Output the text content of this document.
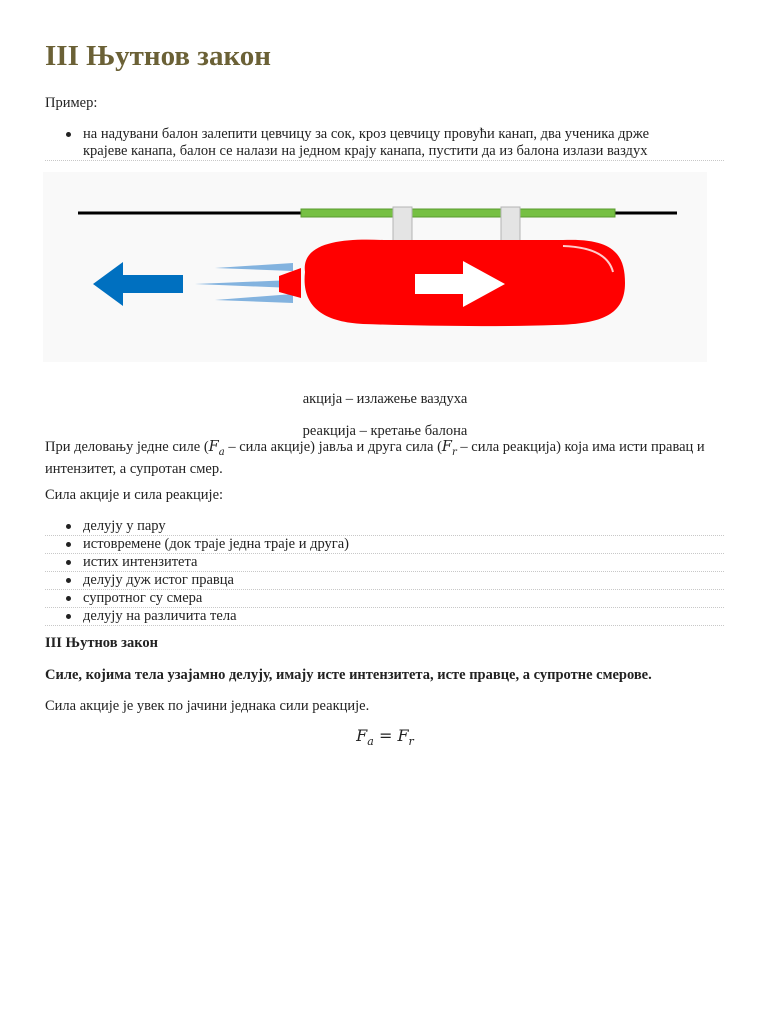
III Њутнов закон

Пример:

на надувани балон залепити цевчицу за сок, кроз цевчицу провући канап, два ученика држе
крајеве канапа, балон се налази на једном крају канапа, пустити да из балона излази ваздух

акција – излажење ваздуха

реакција – кретање балона

При деловању једне силе ($F_a$ – сила акције) јавља и друга сила ($F_r$ – сила реакција) која има исти правац и интензитет, а супротан смер.

Сила акције и сила реакције:

делују у пару
истовремене (док траје једна траје и друга)
истих интензитета
делују дуж истог правца
супротног су смера
делују на различита тела

III Њутнов закон

Силе, којима тела узајамно делују, имају исте интензитета, исте правце, а супротне смерове.

Сила акције је увек по јачини једнака сили реакције.

$F_a = F_r$
